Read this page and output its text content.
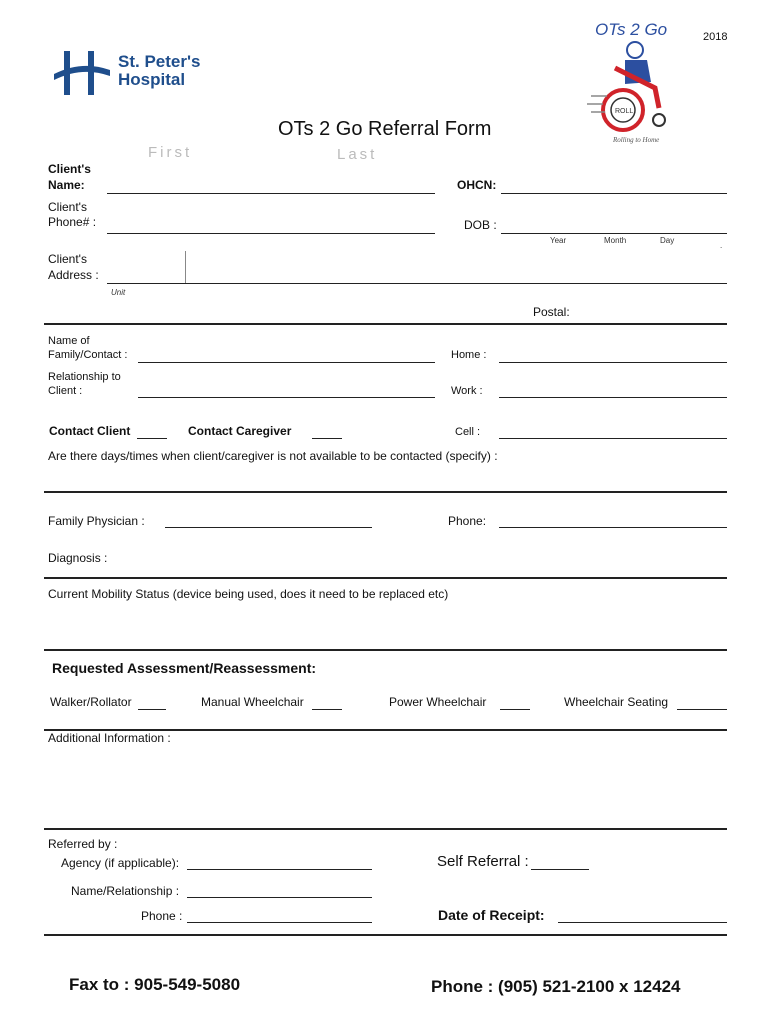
2018
St. Peter's
Hospital
OTs 2 Go
ROLL
Rolling to Home
OTs 2 Go Referral Form
First	Last
Client's
Name:	OHCN:
Client's
Phone# :	DOB :
Year	Month	Day
.
Client's
Address :
Unit
Postal:
Name of
Family/Contact :	Home :
Relationship to
Client :	Work :
Contact Client	Contact Caregiver	Cell :
Are there days/times when client/caregiver is not available to be contacted (specify) :
Family Physician :	Phone:
Diagnosis :
Current Mobility Status (device being used, does it need to be replaced etc)
Requested Assessment/Reassessment:
Walker/Rollator	Manual Wheelchair	Power Wheelchair	Wheelchair Seating
Additional Information :
Referred by :
Agency (if applicable):	Self Referral :
Name/Relationship :
Phone :	Date of Receipt:
Fax to : 905-549-5080	Phone : (905) 521-2100 x 12424
